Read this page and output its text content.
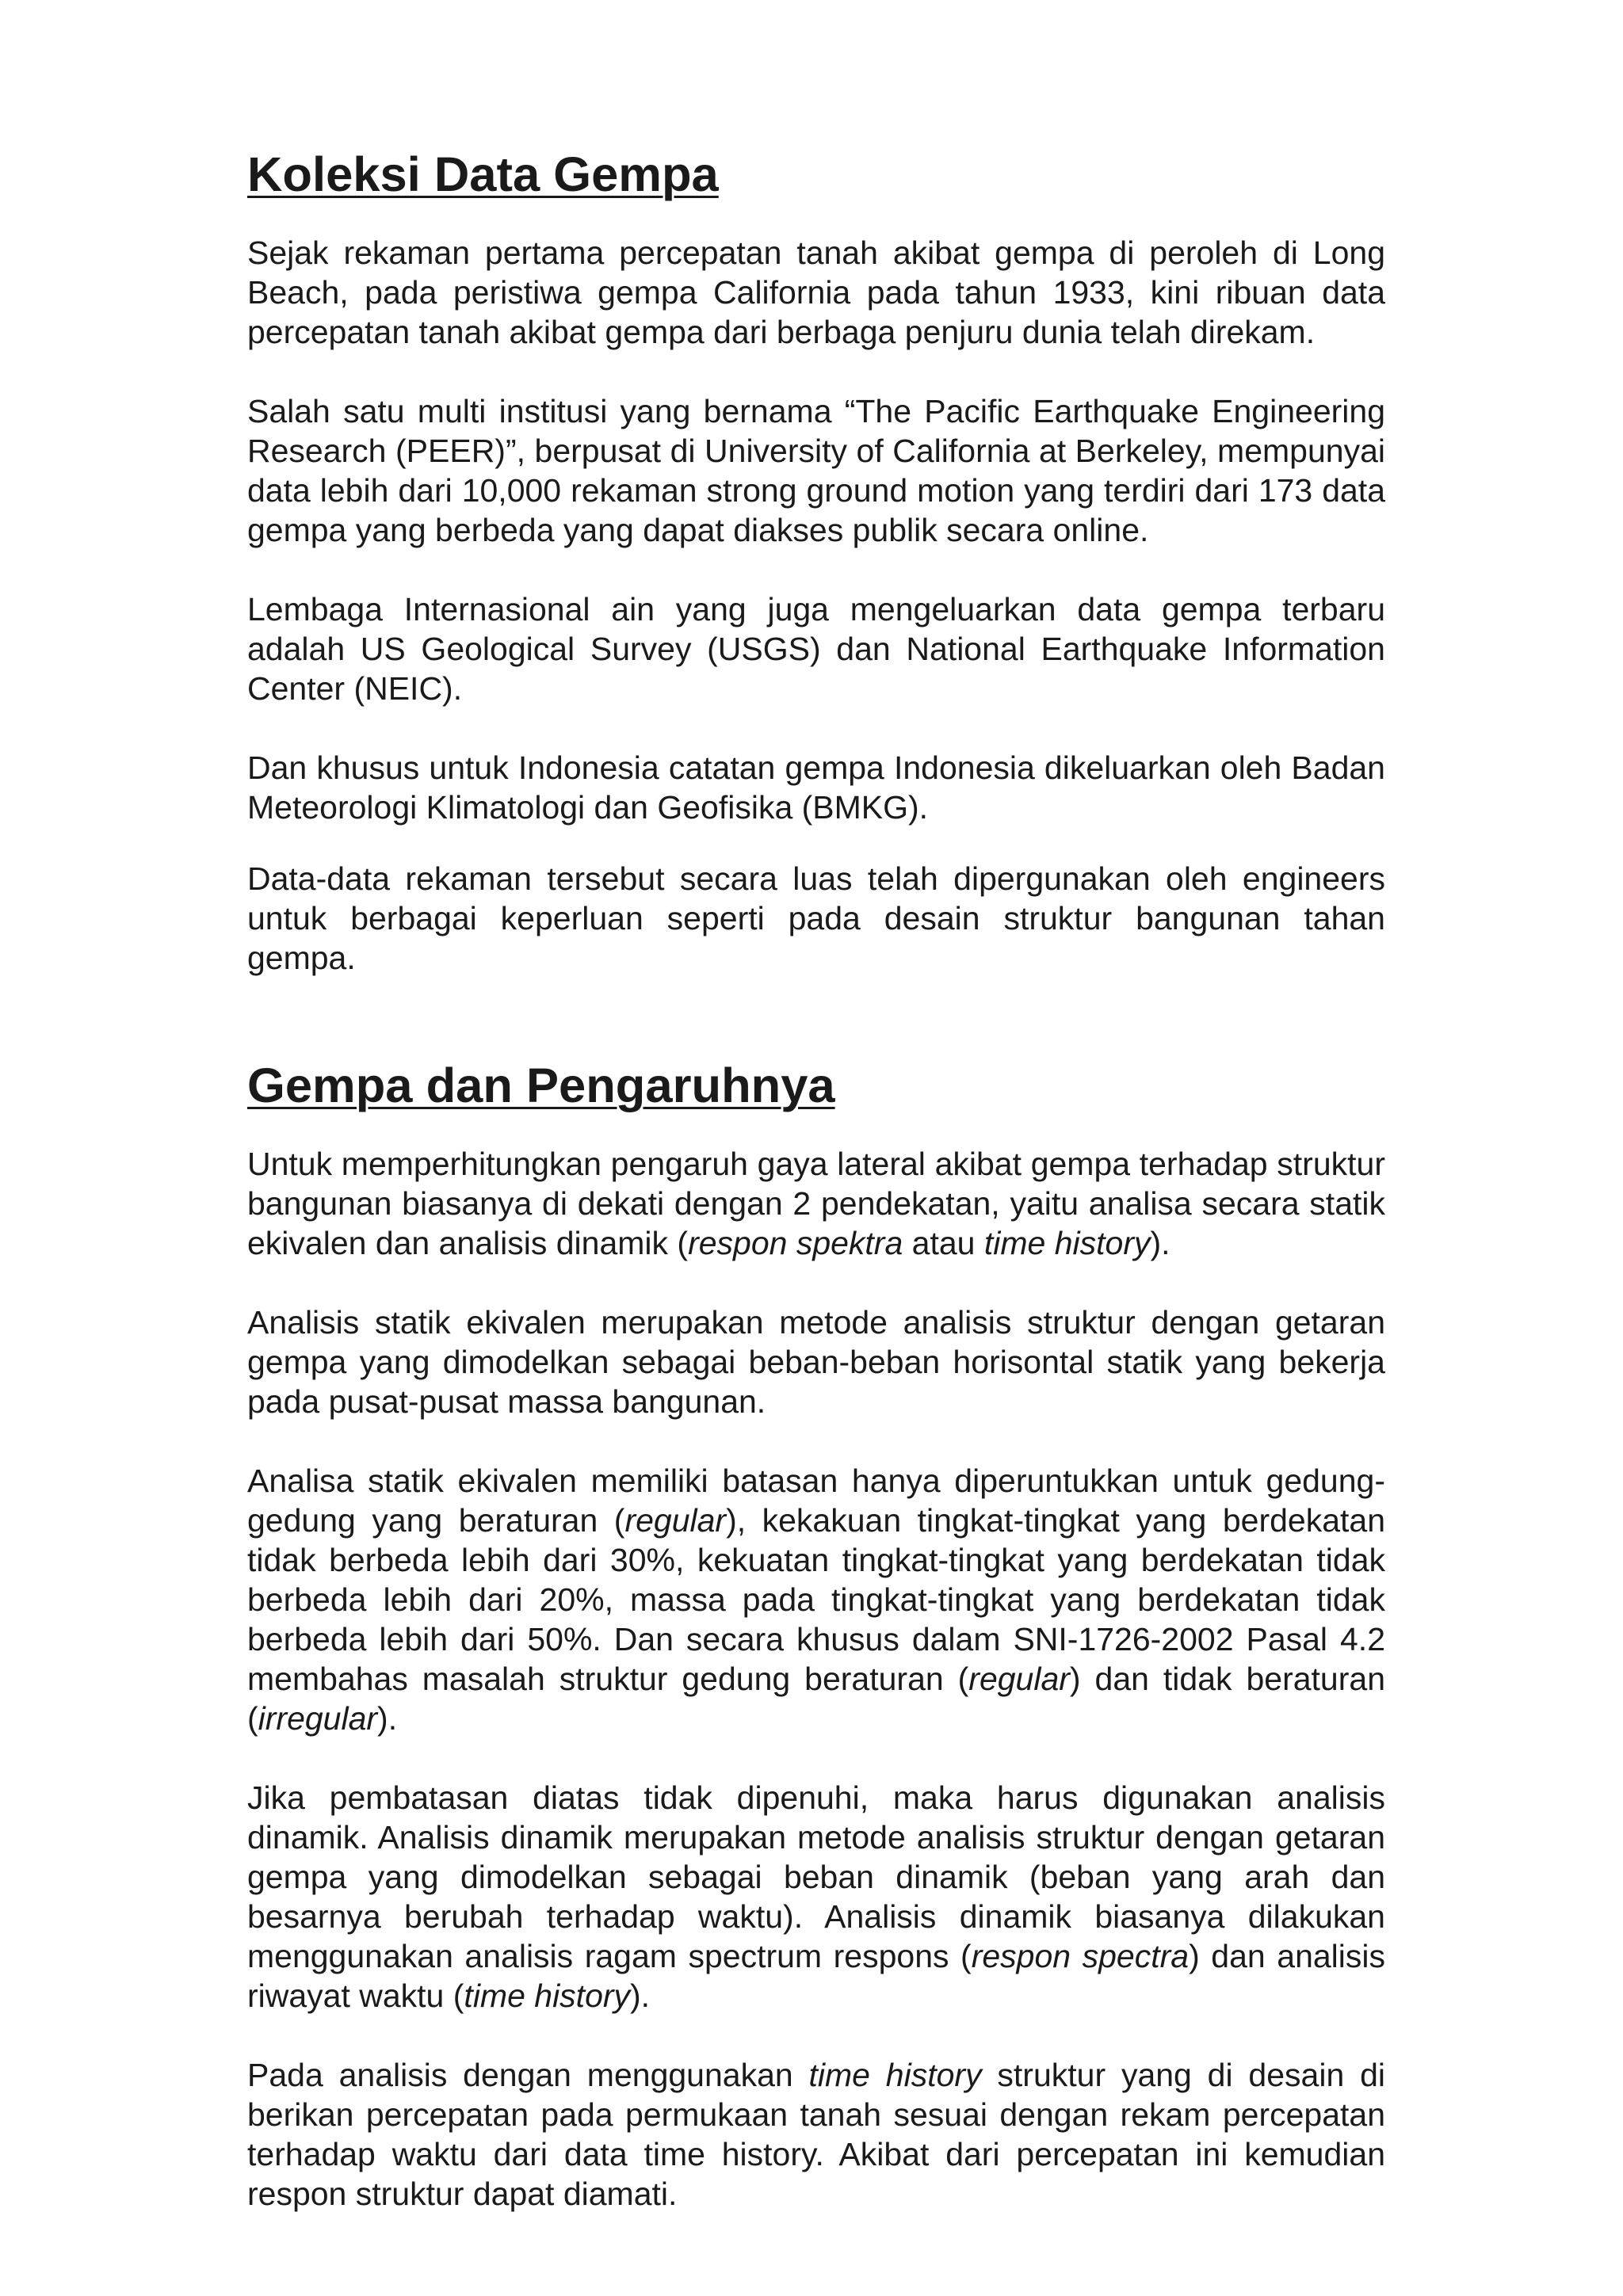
Koleksi Data Gempa

Sejak rekaman pertama percepatan tanah akibat gempa di peroleh di Long Beach, pada peristiwa gempa California pada tahun 1933, kini ribuan data percepatan tanah akibat gempa dari berbaga penjuru dunia telah direkam.

Salah satu multi institusi yang bernama “The Pacific Earthquake Engineering Research (PEER)”, berpusat di University of California at Berkeley, mempunyai data lebih dari 10,000 rekaman strong ground motion yang terdiri dari 173 data gempa yang berbeda yang dapat diakses publik secara online.

Lembaga Internasional ain yang juga mengeluarkan data gempa terbaru adalah US Geological Survey (USGS) dan National Earthquake Information Center (NEIC).

Dan khusus untuk Indonesia catatan gempa Indonesia dikeluarkan oleh Badan Meteorologi Klimatologi dan Geofisika (BMKG).

Data-data rekaman tersebut secara luas telah dipergunakan oleh engineers untuk berbagai keperluan seperti pada desain struktur bangunan tahan gempa.

Gempa dan Pengaruhnya

Untuk memperhitungkan pengaruh gaya lateral akibat gempa terhadap struktur bangunan biasanya di dekati dengan 2 pendekatan, yaitu analisa secara statik ekivalen dan analisis dinamik (respon spektra atau time history).

Analisis statik ekivalen merupakan metode analisis struktur dengan getaran gempa yang dimodelkan sebagai beban-beban horisontal statik yang bekerja pada pusat-pusat massa bangunan.

Analisa statik ekivalen memiliki batasan hanya diperuntukkan untuk gedung-gedung yang beraturan (regular), kekakuan tingkat-tingkat yang berdekatan tidak berbeda lebih dari 30%, kekuatan tingkat-tingkat yang berdekatan tidak berbeda lebih dari 20%, massa pada tingkat-tingkat yang berdekatan tidak berbeda lebih dari 50%. Dan secara khusus dalam SNI-1726-2002 Pasal 4.2 membahas masalah struktur gedung beraturan (regular) dan tidak beraturan (irregular).

Jika pembatasan diatas tidak dipenuhi, maka harus digunakan analisis dinamik. Analisis dinamik merupakan metode analisis struktur dengan getaran gempa yang dimodelkan sebagai beban dinamik (beban yang arah dan besarnya berubah terhadap waktu). Analisis dinamik biasanya dilakukan menggunakan analisis ragam spectrum respons (respon spectra) dan analisis riwayat waktu (time history).

Pada analisis dengan menggunakan time history struktur yang di desain di berikan percepatan pada permukaan tanah sesuai dengan rekam percepatan terhadap waktu dari data time history. Akibat dari percepatan ini kemudian respon struktur dapat diamati.
